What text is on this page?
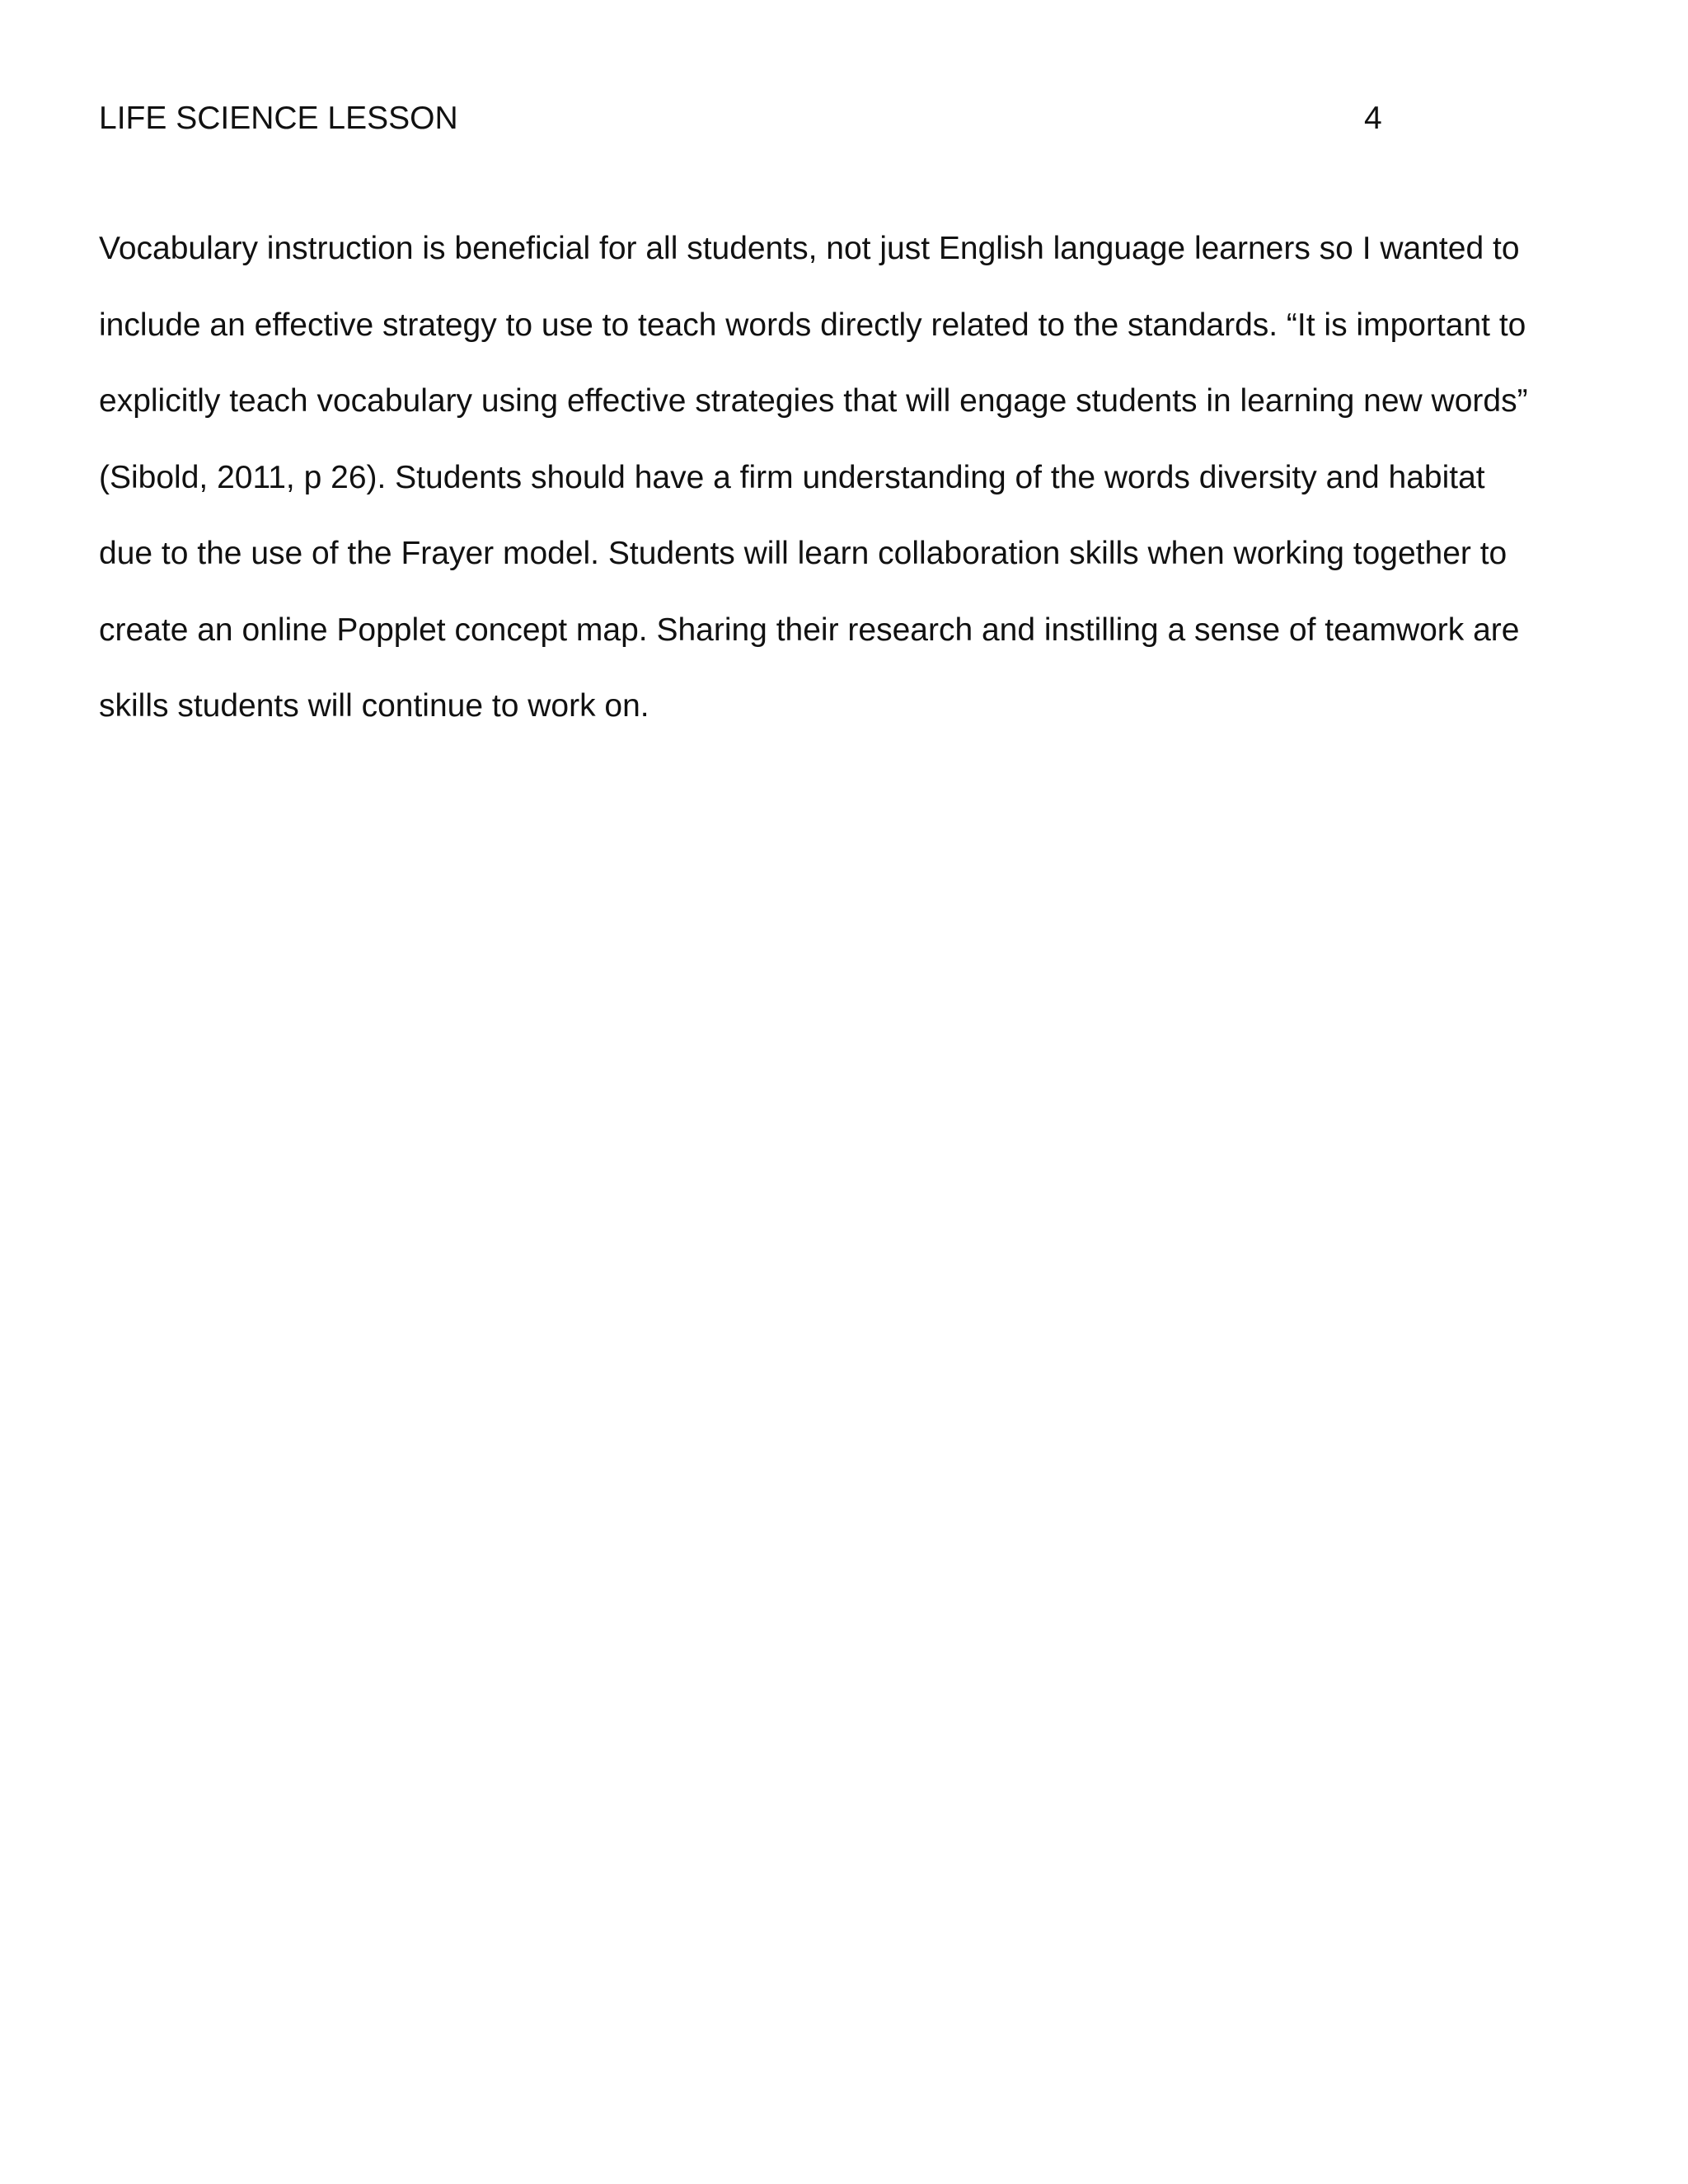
LIFE SCIENCE LESSON	4
Vocabulary instruction is beneficial for all students, not just English language learners so I wanted to
include an effective strategy to use to teach words directly related to the standards. “It is important to
explicitly teach vocabulary using effective strategies that will engage students in learning new words”
(Sibold, 2011, p 26). Students should have a firm understanding of the words diversity and habitat
due to the use of the Frayer model. Students will learn collaboration skills when working together to
create an online Popplet concept map. Sharing their research and instilling a sense of teamwork are
skills students will continue to work on.
